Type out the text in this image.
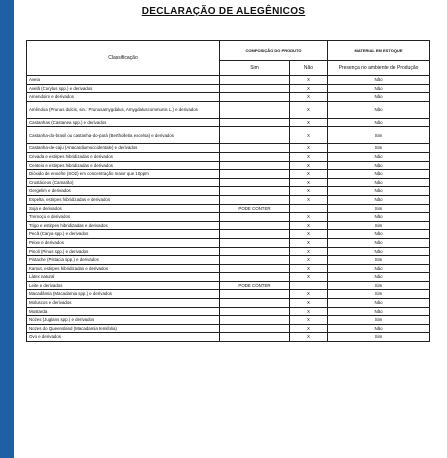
DECLARAÇÃO DE ALEGÊNICOS
Classificação	COMPOSIÇÃO DO PRODUTO		MATERIAL EM ESTOQUE
	Sim	Não	Presença no ambiente de Produção
Aveia		X	Não
Avelã (Corylus spp.) e derivados		X	Não
Amendoim e derivados		X	Não
Amêndoa (Prunus dulcis, sin.: Prunusamygdalus, Amygdaluscommunis L.) e derivados		X	Não
Castanhas (Castanea spp.) e derivados		X	Não
Castanha-do-brasil ou castanha-do-pará (Bertholletia excelsa) e derivados		X	Sim
Castanha-de-caju (Anacardiumoccidentale) e derivados		X	Sim
Cevada e estirpes hibridizadas e derivados		X	Não
Centeio e estirpes hibridizadas e derivados		X	Não
Dióxido de enxofre (SO2) em concentração maior que 10ppm		X	Não
Crustáceos (Camarão)		X	Não
Gergelim e derivados		X	Não
Espelta, estirpes hibridizadas e derivados		X	Não
Soja e derivados	PODE CONTER		Sim
Tremoço e derivados		X	Não
Trigo e estirpes hibridizadas e derivados		X	Sim
Pecã (Carya spp.) e derivados		X	Não
Peixe e derivados		X	Não
Pinoli (Pinus spp.) e derivados		X	Não
Pistache (Pistacia spp.) e derivados		X	Sim
Kamut, estirpes hibridizadas e derivados		X	Não
Látex natural		X	Não
Leite e derivados	PODE CONTER		Sim
Macadâmia (Macadamia spp.) e derivados		X	Sim
Moluscos e derivados		X	Não
Mostarda		X	Não
Nozes (Juglans spp.) e derivados		X	Sim
Nozes do Queensland (Macadamia temifolia)		X	Não
Ovo e derivados		X	Sim
